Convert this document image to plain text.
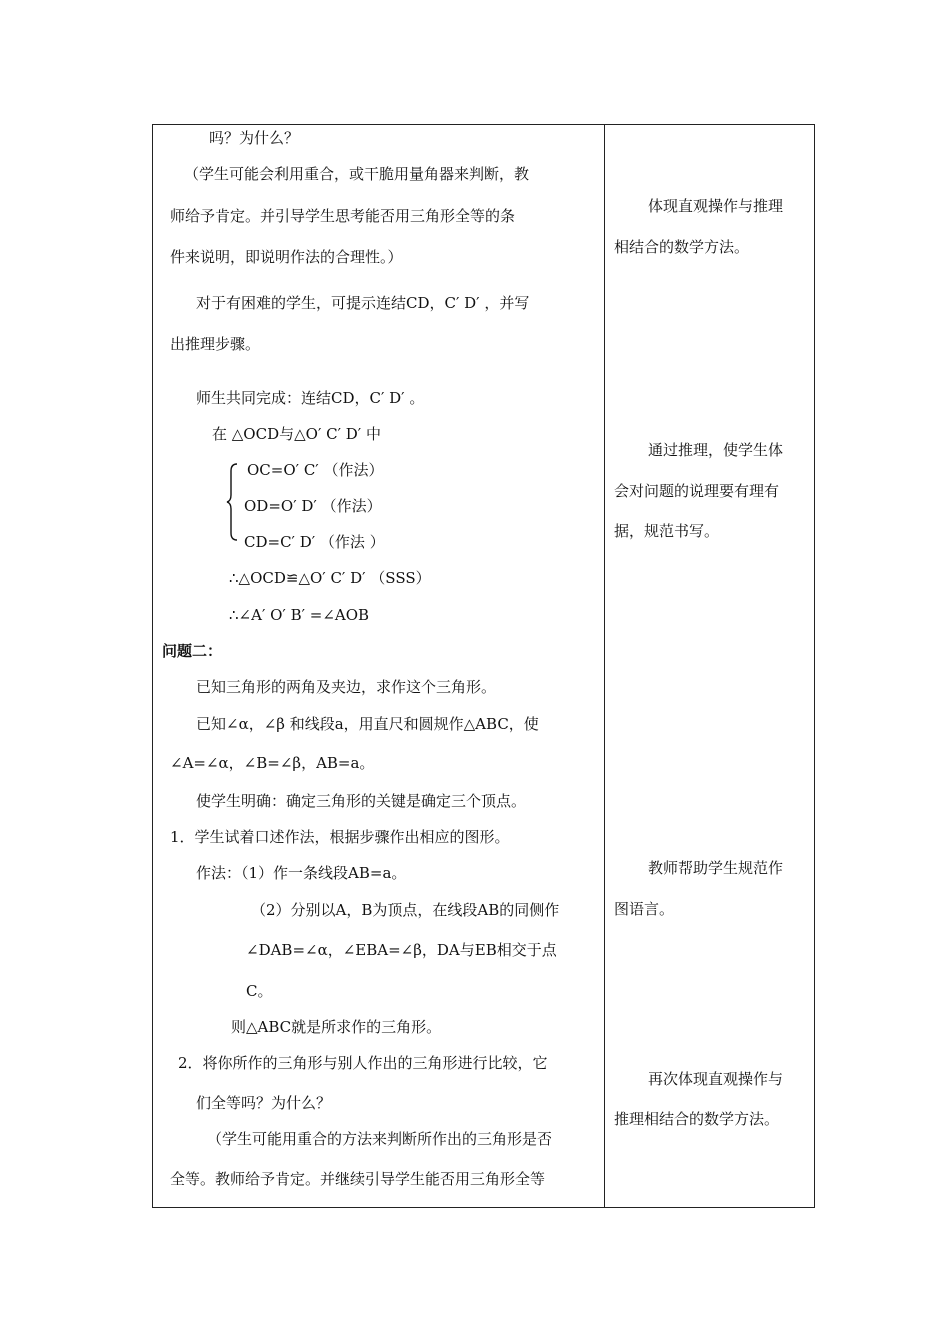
吗？为什么？
（学生可能会利用重合，或干脆用量角器来判断，教
师给予肯定。并引导学生思考能否用三角形全等的条
件来说明，即说明作法的合理性。）
对于有困难的学生，可提示连结CD，C′ D′ ，并写
出推理步骤。
师生共同完成：连结CD，C′ D′ 。
在 △OCD与△O′ C′ D′ 中
OC=O′ C′ （作法）
OD=O′ D′ （作法）
CD=C′ D′ （作法 ）
∴△OCD≌△O′ C′ D′ （SSS）
∴∠A′ O′ B′ =∠AOB
问题二：
已知三角形的两角及夹边，求作这个三角形。
已知∠α，∠β 和线段a，用直尺和圆规作△ABC，使
∠A=∠α，∠B=∠β，AB=a。
使学生明确：确定三角形的关键是确定三个顶点。
1．学生试着口述作法，根据步骤作出相应的图形。
作法：（1）作一条线段AB=a。
（2）分别以A，B为顶点，在线段AB的同侧作
∠DAB=∠α，∠EBA=∠β，DA与EB相交于点
C。
则△ABC就是所求作的三角形。
2．将你所作的三角形与别人作出的三角形进行比较，它
们全等吗？为什么？
（学生可能用重合的方法来判断所作出的三角形是否
全等。教师给予肯定。并继续引导学生能否用三角形全等
体现直观操作与推理
相结合的数学方法。
通过推理，使学生体
会对问题的说理要有理有
据，规范书写。
教师帮助学生规范作
图语言。
再次体现直观操作与
推理相结合的数学方法。
